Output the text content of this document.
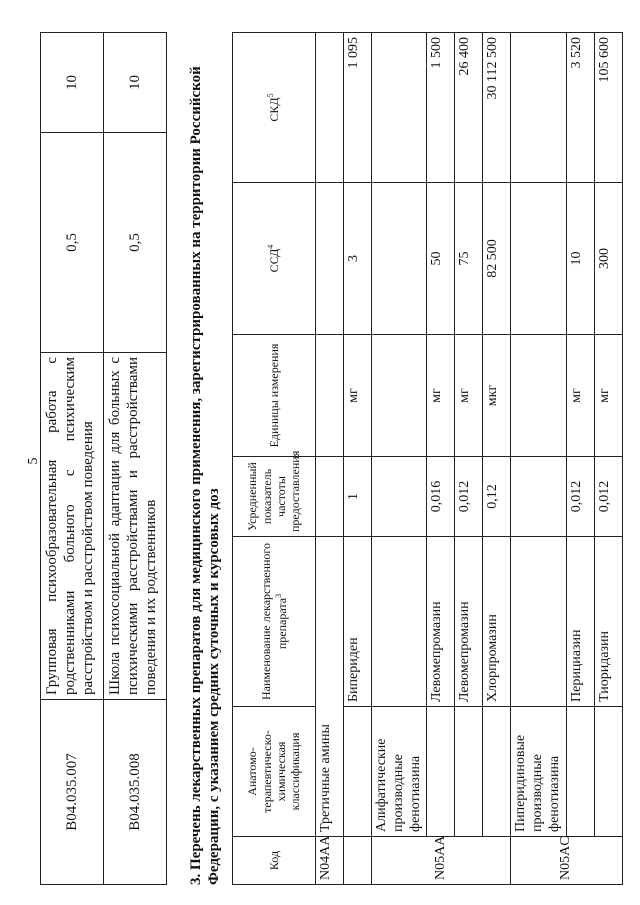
5
B04.035.007	Групповая психообразовательная работа с родственниками больного с психическим расстройством и расстройством поведения	0,5	10
B04.035.008	Школа психосоциальной адаптации для больных с психическими расстройствами и расстройствами поведения и их родственников	0,5	10
3. Перечень лекарственных препаратов для медицинского применения, зарегистрированных на территории Российской Федерации, с указанием средних суточных и курсовых доз	Код	Анатомо-терапевтическо-химическая классификация	Наименование лекарственного препарата$^3$	Усредненный показатель частоты предоставления	Единицы измерения	ССД$^4$	СКД$^5$
N04AA	Третичные амины					
		Бипериден	1	мг	3	1 095
N05AA	Алифатические производные фенотиазина					
		Левомепромазин	0,016	мг	50	1 500
		Левомепромазин	0,012	мг	75	26 400
		Хлорпромазин	0,12	мкг	82 500	30 112 500
N05AC	Пиперидиновые производные фенотиазина					
		Перициазин	0,012	мг	10	3 520
		Тиоридазин	0,012	мг	300	105 600
